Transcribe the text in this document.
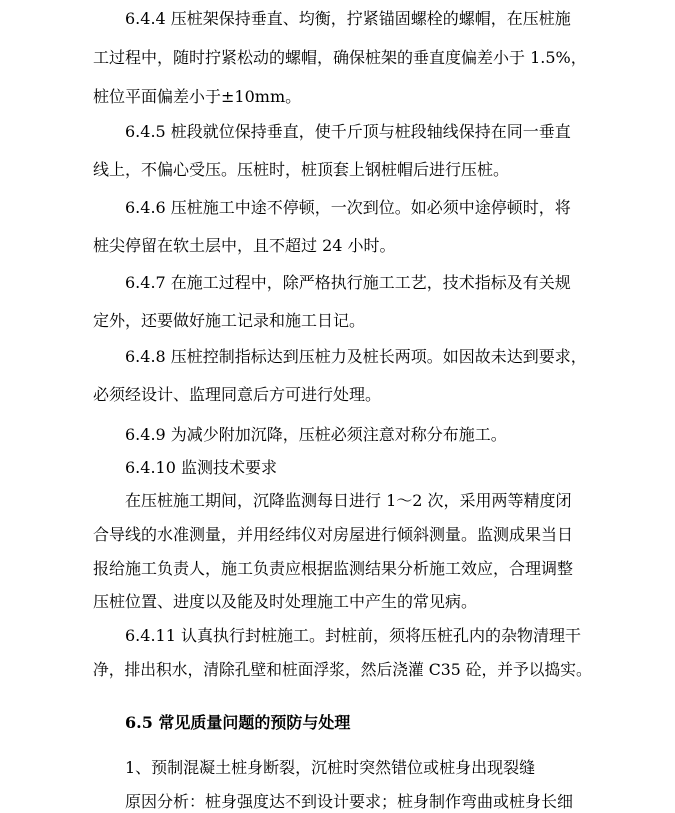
6.4.4 压桩架保持垂直、均衡，拧紧锚固螺栓的螺帽，在压桩施
工过程中，随时拧紧松动的螺帽，确保桩架的垂直度偏差小于 1.5%，
桩位平面偏差小于±10mm。
6.4.5 桩段就位保持垂直，使千斤顶与桩段轴线保持在同一垂直
线上，不偏心受压。压桩时，桩顶套上钢桩帽后进行压桩。
6.4.6 压桩施工中途不停顿，一次到位。如必须中途停顿时，将
桩尖停留在软土层中，且不超过 24 小时。
6.4.7 在施工过程中，除严格执行施工工艺，技术指标及有关规
定外，还要做好施工记录和施工日记。
6.4.8 压桩控制指标达到压桩力及桩长两项。如因故未达到要求，
必须经设计、监理同意后方可进行处理。
6.4.9 为减少附加沉降，压桩必须注意对称分布施工。
6.4.10 监测技术要求
在压桩施工期间，沉降监测每日进行 1～2 次，采用两等精度闭
合导线的水准测量，并用经纬仪对房屋进行倾斜测量。监测成果当日
报给施工负责人，施工负责应根据监测结果分析施工效应，合理调整
压桩位置、进度以及能及时处理施工中产生的常见病。
6.4.11 认真执行封桩施工。封桩前，须将压桩孔内的杂物清理干
净，排出积水，清除孔壁和桩面浮浆，然后浇灌 C35 砼，并予以捣实。
6.5 常见质量问题的预防与处理
1、预制混凝土桩身断裂，沉桩时突然错位或桩身出现裂缝
原因分析：桩身强度达不到设计要求；桩身制作弯曲或桩身长细
